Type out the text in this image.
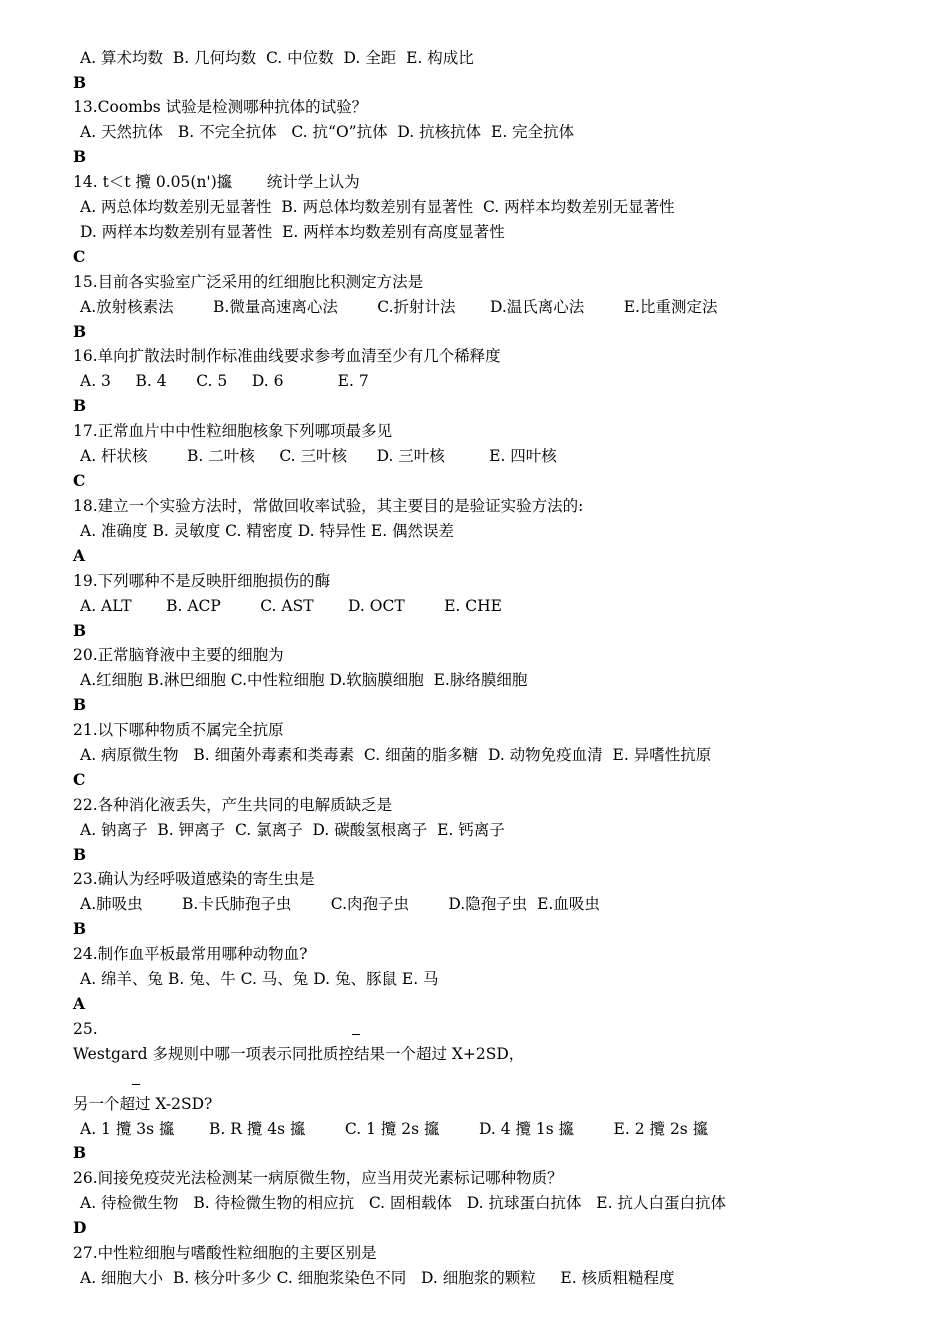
A. 算术均数  B. 几何均数  C. 中位数  D. 全距  E. 构成比
B
13.Coombs 试验是检测哪种抗体的试验？
A. 天然抗体   B. 不完全抗体   C. 抗“O”抗体  D. 抗核抗体  E. 完全抗体
B
14. t＜t 攬 0.05(n')攨       统计学上认为
A. 两总体均数差别无显著性  B. 两总体均数差别有显著性  C. 两样本均数差别无显著性
D. 两样本均数差别有显著性  E. 两样本均数差别有高度显著性
C
15.目前各实验室广泛采用的红细胞比积测定方法是
A.放射核素法        B.微量高速离心法        C.折射计法       D.温氏离心法        E.比重测定法
B
16.单向扩散法时制作标准曲线要求参考血清至少有几个稀释度
A. 3     B. 4      C. 5     D. 6           E. 7
B
17.正常血片中中性粒细胞核象下列哪项最多见
A. 杆状核        B. 二叶核     C. 三叶核      D. 三叶核         E. 四叶核
C
18.建立一个实验方法时，常做回收率试验，其主要目的是验证实验方法的:
A. 准确度 B. 灵敏度 C. 精密度 D. 特异性 E. 偶然误差
A
19.下列哪种不是反映肝细胞损伤的酶
A. ALT       B. ACP        C. AST       D. OCT        E. CHE
B
20.正常脑脊液中主要的细胞为
A.红细胞 B.淋巴细胞 C.中性粒细胞 D.软脑膜细胞  E.脉络膜细胞
B
21.以下哪种物质不属完全抗原
A. 病原微生物   B. 细菌外毒素和类毒素  C. 细菌的脂多糖  D. 动物免疫血清  E. 异嗜性抗原
C
22.各种消化液丢失，产生共同的电解质缺乏是
A. 钠离子  B. 钾离子  C. 氯离子  D. 碳酸氢根离子  E. 钙离子
B
23.确认为经呼吸道感染的寄生虫是
A.肺吸虫        B.卡氏肺孢子虫        C.肉孢子虫        D.隐孢子虫  E.血吸虫
B
24.制作血平板最常用哪种动物血?
A. 绵羊、兔 B. 兔、牛 C. 马、兔 D. 兔、豚鼠 E. 马
A
25.
Westgard 多规则中哪一项表示同批质控结果一个超过 X+2SD，
另一个超过 X-2SD?
A. 1 攬 3s 攨       B. R 攬 4s 攨        C. 1 攬 2s 攨        D. 4 攬 1s 攨        E. 2 攬 2s 攨
B
26.间接免疫荧光法检测某一病原微生物，应当用荧光素标记哪种物质？
A. 待检微生物   B. 待检微生物的相应抗   C. 固相载体   D. 抗球蛋白抗体   E. 抗人白蛋白抗体
D
27.中性粒细胞与嗜酸性粒细胞的主要区别是
A. 细胞大小  B. 核分叶多少 C. 细胞浆染色不同   D. 细胞浆的颗粒     E. 核质粗糙程度
